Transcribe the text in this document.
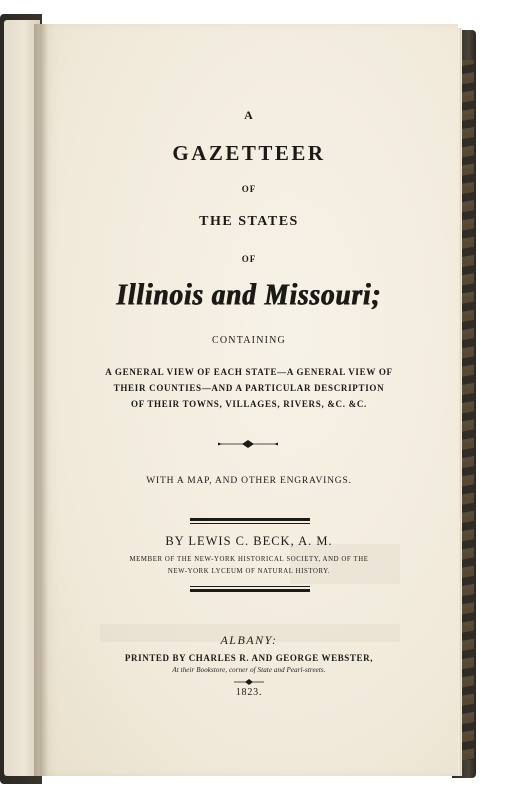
A
GAZETTEER
OF
THE STATES
OF
Illinois and Missouri;
CONTAINING
A GENERAL VIEW OF EACH STATE—A GENERAL VIEW OF
THEIR COUNTIES—AND A PARTICULAR DESCRIPTION
OF THEIR TOWNS, VILLAGES, RIVERS, &C. &C.
WITH A MAP, AND OTHER ENGRAVINGS.
BY LEWIS C. BECK, A. M.
MEMBER OF THE NEW-YORK HISTORICAL SOCIETY, AND OF THE
NEW-YORK LYCEUM OF NATURAL HISTORY.
ALBANY:
PRINTED BY CHARLES R. AND GEORGE WEBSTER,
At their Bookstore, corner of State and Pearl-streets.
1823.
